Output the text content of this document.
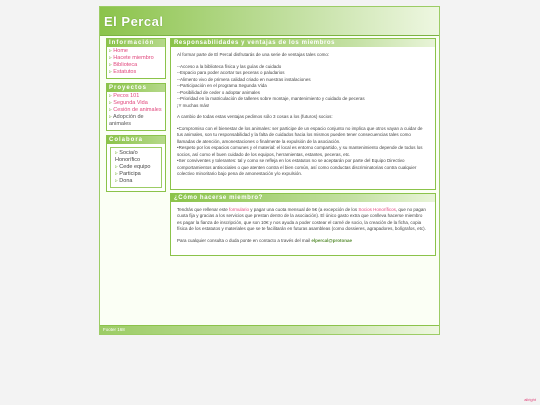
El Percal
Información
▹ Home
▹ Hacete miembro
▹ Biblioteca
▹ Estatutos
Proyectos
▹ Pecos 101
▹ Segunda Vida
▹ Cesión de animales
▹ Adopción de animales
Colabora
▹ Socia/o Honorífico
▹ Cede equipo
▹ Participa
▹ Dona
Responsabilidades y ventajas de los miembros

Al formar parte de El Percal disfrutarás de una serie de ventajas tales como:

--Acceso a la biblioteca física y las guías de cuidado
--Espacio para poder acortar tus peceras o paludarios
--Alimento vivo de primera calidad criado en nuestras instalaciones
--Participación en el programa Segunda Vida
--Posibilidad de ceder o adoptar animales
--Prioridad en la matriculación de talleres sobre montaje, mantenimiento y cuidado de peceras
¡Y muchas más!

A cambio de todas estas ventajas pedimos sólo 3 cosas a los (futuros) socios:

•Compromiso con el bienestar de los animales: ser participe de un espacio conjunto no implica que otros vayan a cuidar de tus animales, son tu responsabilidad y la falta de cuidados hacia los mismos pueden tener consecuencias tales como llamadas de atención, amonestaciones o finalmente la expulsión de la asociación.
•Respeto por los espacios comunes y el material: el local es entorno compartido, y su mantenimiento depende de todos los socios, así como el buen cuidado de los equipos, herramientas, estantes, peceras, etc.
•Ser conviventes y tolerantes: tal y como se refleja en los estatutos no se aceptarán por parte del Equipo Directivo comportamientos antisociales o que atenten contra el bien común, así como conductas discriminatorias contra cualquier colectivo minoritario bajo pena de amonestación y/o expulsión.
¿Cómo hacerse miembro?

Tendrás que rellenar este formulario y pagar una cuota mensual de 5€ (a excepción de los Socios Honoríficos, que no pagan cuota fija y gracias a los servicios que prestan dentro de la asociación). El único gasto extra que conlleva hacerse miembro es pagar la fianza de inscripción, que son 10€ y nos ayuda a poder costear el carné de socio, la creación de la ficha, copia física de los estatutos y materiales que se te facilitarán en futuras asambleas (como dossieres, agrapadores, bolígrafos, etc).

Para cualquier consulta o duda ponte en contacto a través del mail elpercal@protonae

Footer 168
allright
